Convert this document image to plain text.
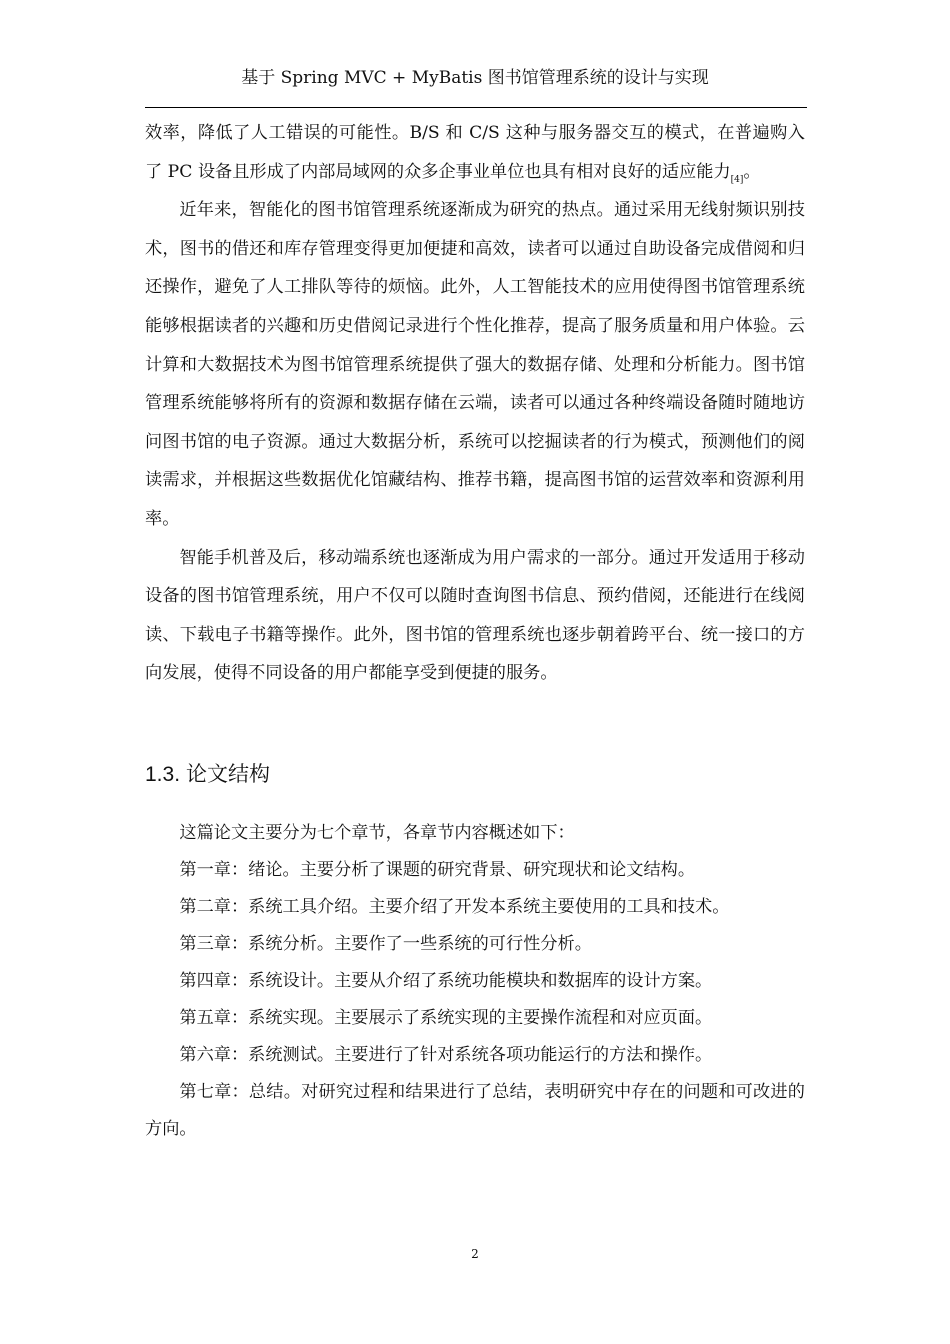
基于 Spring MVC + MyBatis 图书馆管理系统的设计与实现

效率，降低了人工错误的可能性。B/S 和 C/S 这种与服务器交互的模式，在普遍购入了 PC 设备且形成了内部局域网的众多企事业单位也具有相对良好的适应能力[4]。

近年来，智能化的图书馆管理系统逐渐成为研究的热点。通过采用无线射频识别技术，图书的借还和库存管理变得更加便捷和高效，读者可以通过自助设备完成借阅和归还操作，避免了人工排队等待的烦恼。此外，人工智能技术的应用使得图书馆管理系统能够根据读者的兴趣和历史借阅记录进行个性化推荐，提高了服务质量和用户体验。云计算和大数据技术为图书馆管理系统提供了强大的数据存储、处理和分析能力。图书馆管理系统能够将所有的资源和数据存储在云端，读者可以通过各种终端设备随时随地访问图书馆的电子资源。通过大数据分析，系统可以挖掘读者的行为模式，预测他们的阅读需求，并根据这些数据优化馆藏结构、推荐书籍，提高图书馆的运营效率和资源利用率。

智能手机普及后，移动端系统也逐渐成为用户需求的一部分。通过开发适用于移动设备的图书馆管理系统，用户不仅可以随时查询图书信息、预约借阅，还能进行在线阅读、下载电子书籍等操作。此外，图书馆的管理系统也逐步朝着跨平台、统一接口的方向发展，使得不同设备的用户都能享受到便捷的服务。

1.3. 论文结构

这篇论文主要分为七个章节，各章节内容概述如下：

第一章：绪论。主要分析了课题的研究背景、研究现状和论文结构。

第二章：系统工具介绍。主要介绍了开发本系统主要使用的工具和技术。

第三章：系统分析。主要作了一些系统的可行性分析。

第四章：系统设计。主要从介绍了系统功能模块和数据库的设计方案。

第五章：系统实现。主要展示了系统实现的主要操作流程和对应页面。

第六章：系统测试。主要进行了针对系统各项功能运行的方法和操作。

第七章：总结。对研究过程和结果进行了总结，表明研究中存在的问题和可改进的方向。

2
